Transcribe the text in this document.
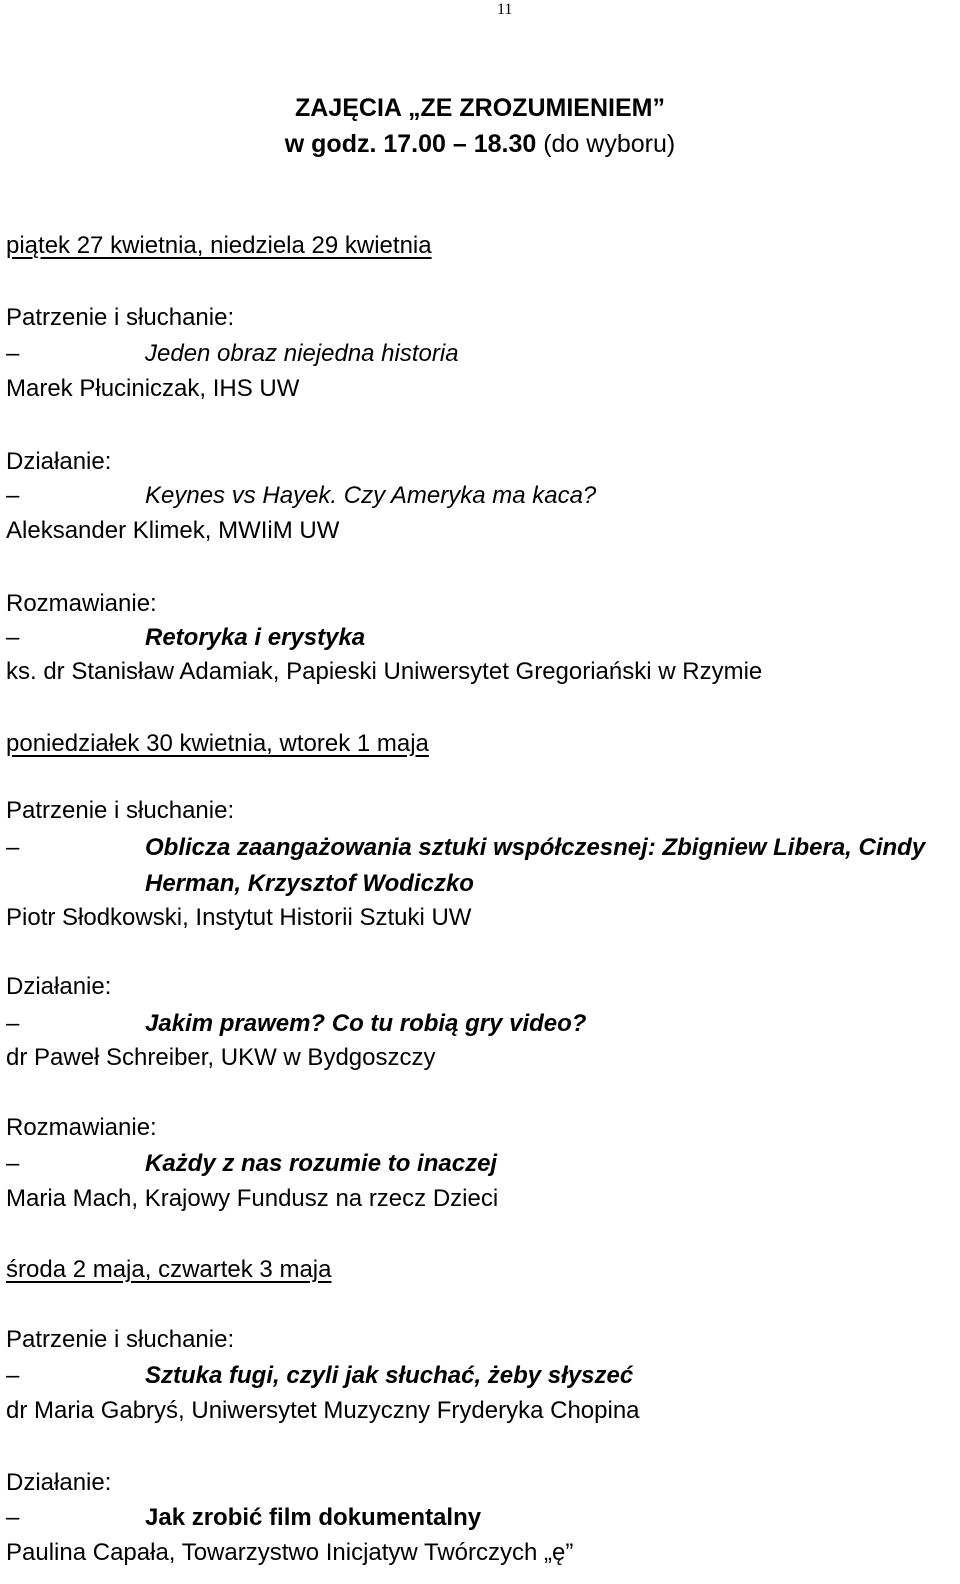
11
ZAJĘCIA „ZE ZROZUMIENIEM”
w godz. 17.00 – 18.30 (do wyboru)
piątek 27 kwietnia, niedziela 29 kwietnia
Patrzenie i słuchanie:
–	Jeden obraz niejedna historia
Marek Płuciniczak, IHS UW
Działanie:
–	Keynes vs Hayek. Czy Ameryka ma kaca?
Aleksander Klimek, MWIiM UW
Rozmawianie:
–	Retoryka i erystyka
ks. dr Stanisław Adamiak, Papieski Uniwersytet Gregoriański w Rzymie
poniedziałek 30 kwietnia, wtorek 1 maja
Patrzenie i słuchanie:
–	Oblicza zaangażowania sztuki współczesnej: Zbigniew Libera, Cindy Herman, Krzysztof Wodiczko
Piotr Słodkowski, Instytut Historii Sztuki UW
Działanie:
–	Jakim prawem? Co tu robią gry video?
dr Paweł Schreiber, UKW w Bydgoszczy
Rozmawianie:
–	Każdy z nas rozumie to inaczej
Maria Mach, Krajowy Fundusz na rzecz Dzieci
środa 2 maja, czwartek 3 maja
Patrzenie i słuchanie:
–	Sztuka fugi, czyli jak słuchać, żeby słyszeć
dr Maria Gabryś, Uniwersytet Muzyczny Fryderyka Chopina
Działanie:
–	Jak zrobić film dokumentalny
Paulina Capała, Towarzystwo Inicjatyw Twórczych „ę”
